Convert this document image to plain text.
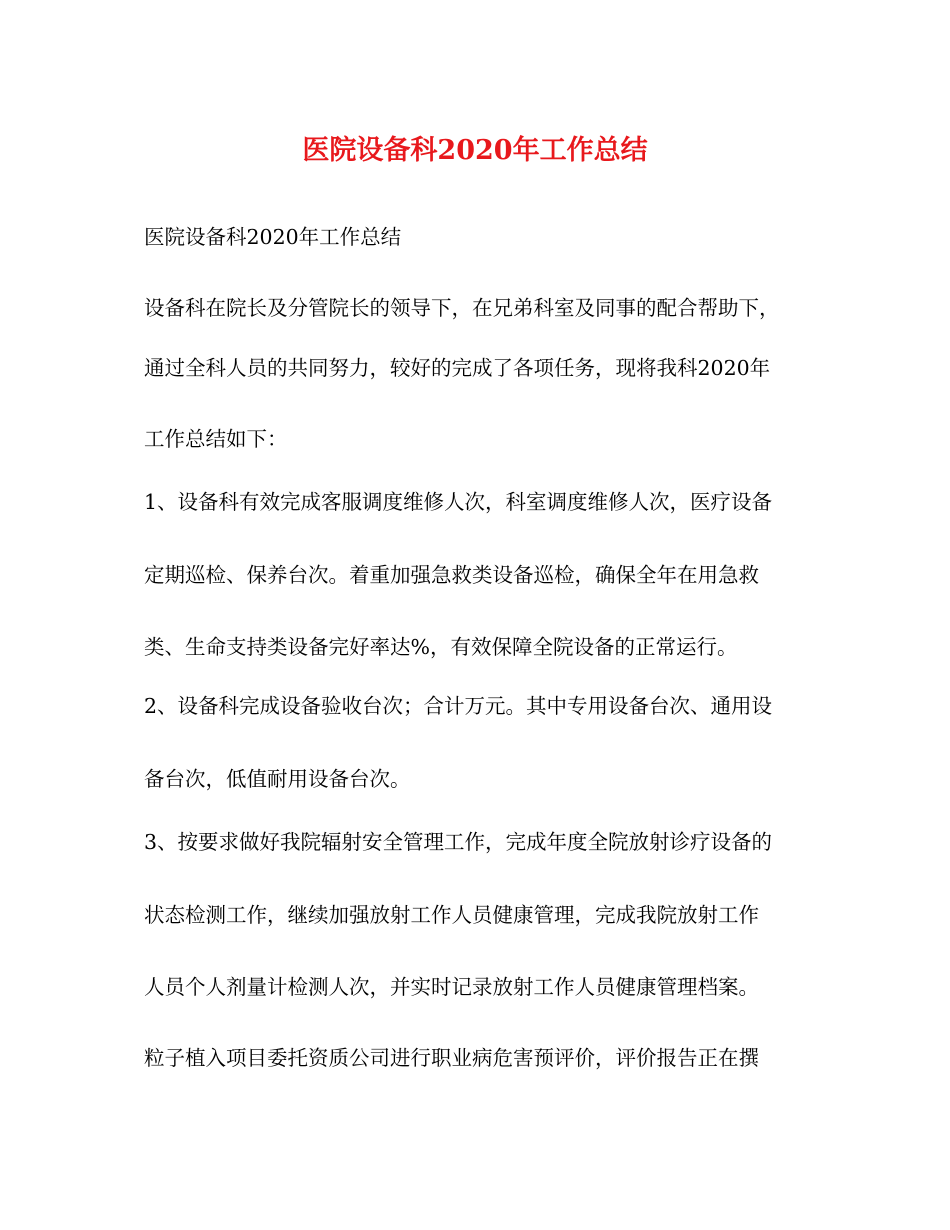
医院设备科2020年工作总结

医院设备科2020年工作总结

设备科在院长及分管院长的领导下，在兄弟科室及同事的配合帮助下，

通过全科人员的共同努力，较好的完成了各项任务，现将我科2020年

工作总结如下：

1、设备科有效完成客服调度维修人次，科室调度维修人次，医疗设备

定期巡检、保养台次。着重加强急救类设备巡检，确保全年在用急救

类、生命支持类设备完好率达%，有效保障全院设备的正常运行。

2、设备科完成设备验收台次；合计万元。其中专用设备台次、通用设

备台次，低值耐用设备台次。

3、按要求做好我院辐射安全管理工作，完成年度全院放射诊疗设备的

状态检测工作，继续加强放射工作人员健康管理，完成我院放射工作

人员个人剂量计检测人次，并实时记录放射工作人员健康管理档案。

粒子植入项目委托资质公司进行职业病危害预评价，评价报告正在撰
